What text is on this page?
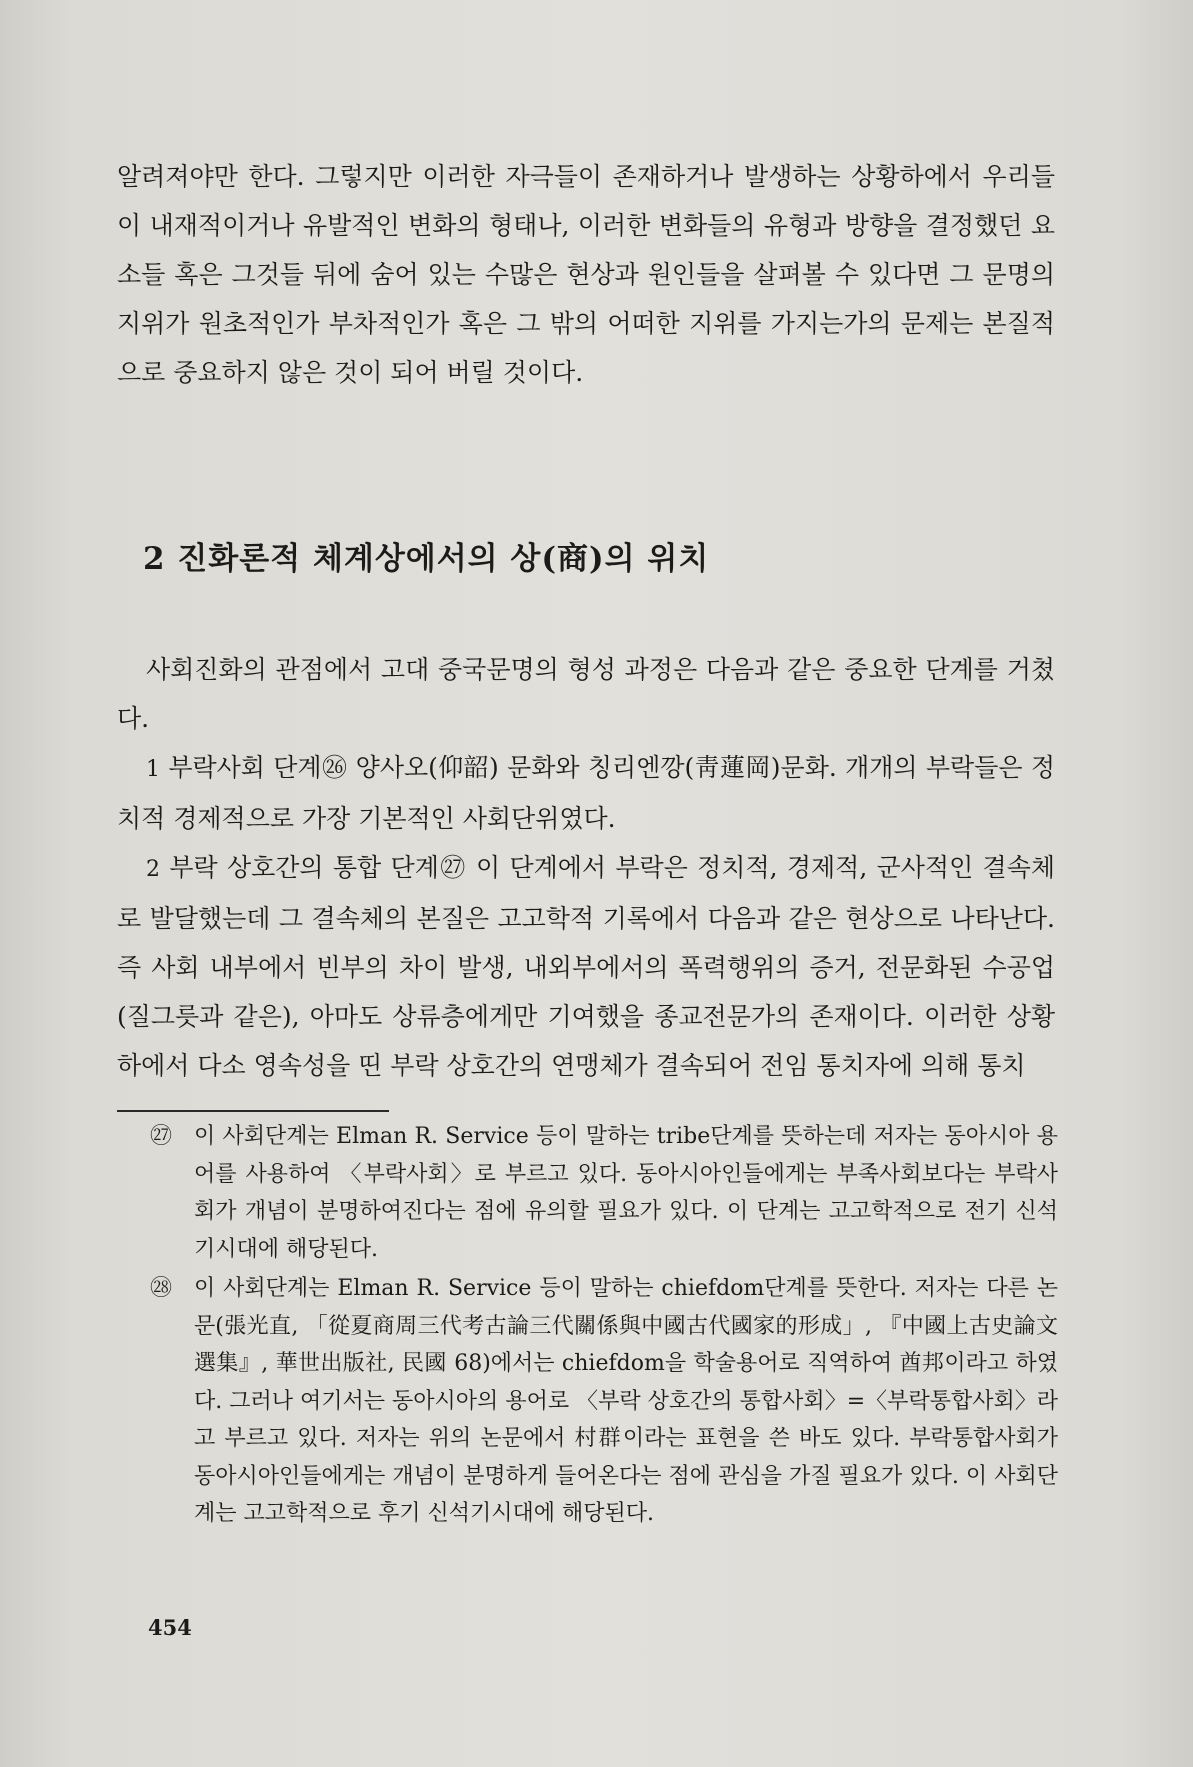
알려져야만 한다. 그렇지만 이러한 자극들이 존재하거나 발생하는 상황하에서 우리들이 내재적이거나 유발적인 변화의 형태나, 이러한 변화들의 유형과 방향을 결정했던 요소들 혹은 그것들 뒤에 숨어 있는 수많은 현상과 원인들을 살펴볼 수 있다면 그 문명의 지위가 원초적인가 부차적인가 혹은 그 밖의 어떠한 지위를 가지는가의 문제는 본질적으로 중요하지 않은 것이 되어 버릴 것이다.

2 진화론적 체계상에서의 상(商)의 위치

사회진화의 관점에서 고대 중국문명의 형성 과정은 다음과 같은 중요한 단계를 거쳤다.

1 부락사회 단계㉖ 양사오(仰韶) 문화와 칭리엔깡(靑蓮岡)문화. 개개의 부락들은 정치적 경제적으로 가장 기본적인 사회단위였다.

2 부락 상호간의 통합 단계㉗ 이 단계에서 부락은 정치적, 경제적, 군사적인 결속체로 발달했는데 그 결속체의 본질은 고고학적 기록에서 다음과 같은 현상으로 나타난다. 즉 사회 내부에서 빈부의 차이 발생, 내외부에서의 폭력행위의 증거, 전문화된 수공업(질그릇과 같은), 아마도 상류층에게만 기여했을 종교전문가의 존재이다. 이러한 상황하에서 다소 영속성을 띤 부락 상호간의 연맹체가 결속되어 전임 통치자에 의해 통치

㉗ 이 사회단계는 Elman R. Service 등이 말하는 tribe단계를 뜻하는데 저자는 동아시아 용어를 사용하여 〈부락사회〉로 부르고 있다. 동아시아인들에게는 부족사회보다는 부락사회가 개념이 분명하여진다는 점에 유의할 필요가 있다. 이 단계는 고고학적으로 전기 신석기시대에 해당된다.

㉘ 이 사회단계는 Elman R. Service 등이 말하는 chiefdom단계를 뜻한다. 저자는 다른 논문(張光直, 「從夏商周三代考古論三代關係與中國古代國家的形成」, 『中國上古史論文選集』, 華世出版社, 民國 68)에서는 chiefdom을 학술용어로 직역하여 酋邦이라고 하였다. 그러나 여기서는 동아시아의 용어로 〈부락 상호간의 통합사회〉=〈부락통합사회〉라고 부르고 있다. 저자는 위의 논문에서 村群이라는 표현을 쓴 바도 있다. 부락통합사회가 동아시아인들에게는 개념이 분명하게 들어온다는 점에 관심을 가질 필요가 있다. 이 사회단계는 고고학적으로 후기 신석기시대에 해당된다.

454
